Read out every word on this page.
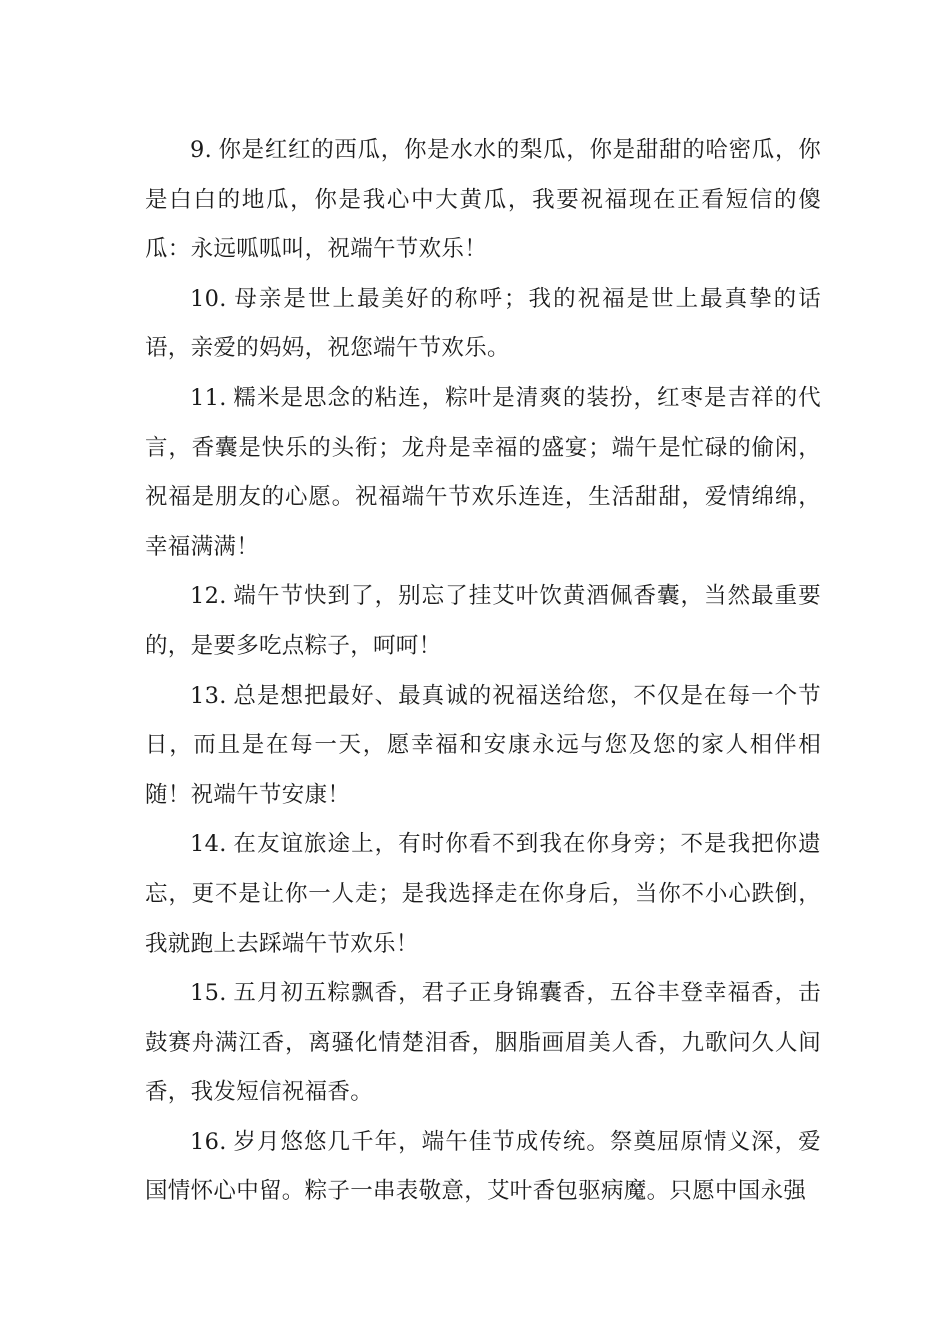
9. 你是红红的西瓜，你是水水的梨瓜，你是甜甜的哈密瓜，你是白白的地瓜，你是我心中大黄瓜，我要祝福现在正看短信的傻瓜：永远呱呱叫，祝端午节欢乐！

10. 母亲是世上最美好的称呼；我的祝福是世上最真挚的话语，亲爱的妈妈，祝您端午节欢乐。

11. 糯米是思念的粘连，粽叶是清爽的装扮，红枣是吉祥的代言，香囊是快乐的头衔；龙舟是幸福的盛宴；端午是忙碌的偷闲，祝福是朋友的心愿。祝福端午节欢乐连连，生活甜甜，爱情绵绵，幸福满满！

12. 端午节快到了，别忘了挂艾叶饮黄酒佩香囊，当然最重要的，是要多吃点粽子，呵呵！

13. 总是想把最好、最真诚的祝福送给您，不仅是在每一个节日，而且是在每一天，愿幸福和安康永远与您及您的家人相伴相随！祝端午节安康！

14. 在友谊旅途上，有时你看不到我在你身旁；不是我把你遗忘，更不是让你一人走；是我选择走在你身后，当你不小心跌倒，我就跑上去踩端午节欢乐！

15. 五月初五粽飘香，君子正身锦囊香，五谷丰登幸福香，击鼓赛舟满江香，离骚化情楚泪香，胭脂画眉美人香，九歌问久人间香，我发短信祝福香。

16. 岁月悠悠几千年，端午佳节成传统。祭奠屈原情义深，爱国情怀心中留。粽子一串表敬意，艾叶香包驱病魔。只愿中国永强
